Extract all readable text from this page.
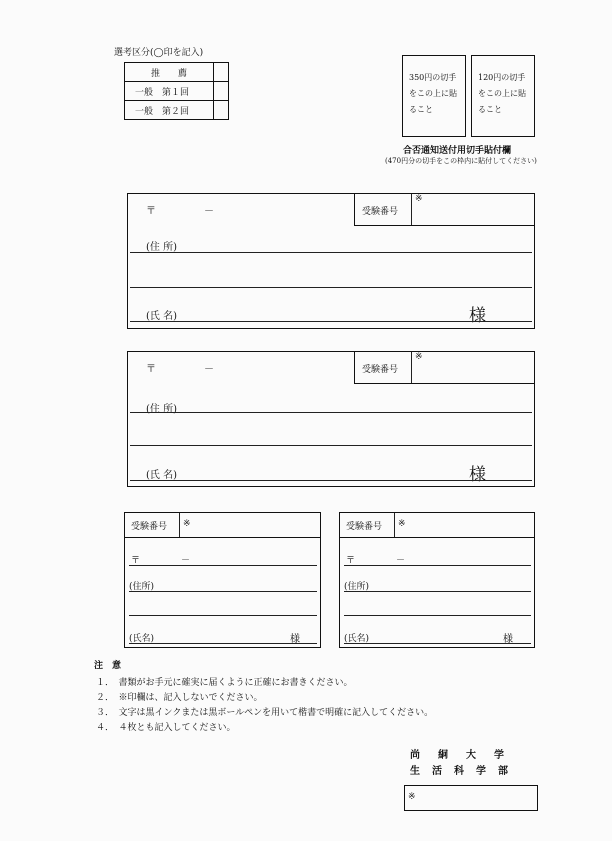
選考区分(◯印を記入)
推　　薦	
一般　第１回	
一般　第２回	
350円の切手
をこの上に貼
ること
120円の切手
をこの上に貼
ること
合否通知送付用切手貼付欄
(470円分の切手をこの枠内に貼付してください)
〒	－	受験番号
※
(住 所)
(氏 名)	様
〒	－	受験番号
※
(住 所)
(氏 名)	様
受験番号 ※
〒	－
(住所)
(氏名)	様
受験番号 ※
〒	－
(住所)
(氏名)	様
注　意
１．　書類がお手元に確実に届くように正確にお書きください。
２．　※印欄は、記入しないでください。
３．　文字は黒インクまたは黒ボールペンを用いて楷書で明確に記入してください。
４．　４枚とも記入してください。
尚絅大学
生活科学部
※
